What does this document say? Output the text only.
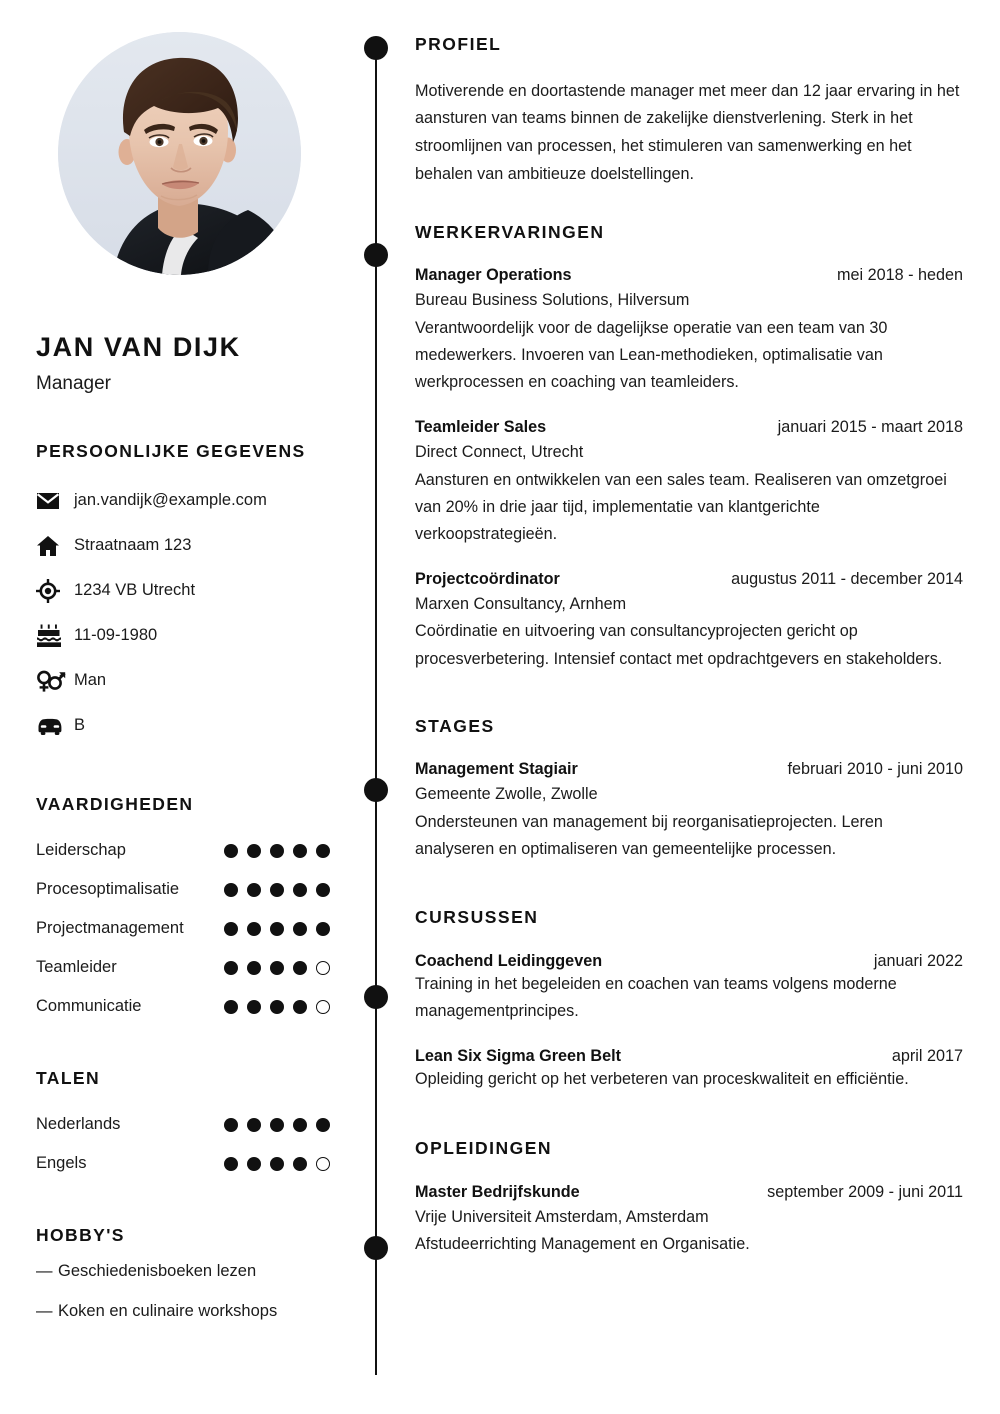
JAN VAN DIJK
Manager
PERSOONLIJKE GEGEVENS
jan.vandijk@example.com
Straatnaam 123
1234 VB Utrecht
11-09-1980
Man
B
VAARDIGHEDEN
Leiderschap
Procesoptimalisatie
Projectmanagement
Teamleider
Communicatie
TALEN
Nederlands
Engels
HOBBY'S
— Geschiedenisboeken lezen
— Koken en culinaire workshops
PROFIEL
Motiverende en doortastende manager met meer dan 12 jaar ervaring in het aansturen van teams binnen de zakelijke dienstverlening. Sterk in het stroomlijnen van processen, het stimuleren van samenwerking en het behalen van ambitieuze doelstellingen.
WERKERVARINGEN
Manager Operations	mei 2018 - heden
Bureau Business Solutions, Hilversum
Verantwoordelijk voor de dagelijkse operatie van een team van 30 medewerkers. Invoeren van Lean-methodieken, optimalisatie van werkprocessen en coaching van teamleiders.
Teamleider Sales	januari 2015 - maart 2018
Direct Connect, Utrecht
Aansturen en ontwikkelen van een sales team. Realiseren van omzetgroei van 20% in drie jaar tijd, implementatie van klantgerichte verkoopstrategieën.
Projectcoördinator	augustus 2011 - december 2014
Marxen Consultancy, Arnhem
Coördinatie en uitvoering van consultancyprojecten gericht op procesverbetering. Intensief contact met opdrachtgevers en stakeholders.
STAGES
Management Stagiair	februari 2010 - juni 2010
Gemeente Zwolle, Zwolle
Ondersteunen van management bij reorganisatieprojecten. Leren analyseren en optimaliseren van gemeentelijke processen.
CURSUSSEN
Coachend Leidinggeven	januari 2022
Training in het begeleiden en coachen van teams volgens moderne managementprincipes.
Lean Six Sigma Green Belt	april 2017
Opleiding gericht op het verbeteren van proceskwaliteit en efficiëntie.
OPLEIDINGEN
Master Bedrijfskunde	september 2009 - juni 2011
Vrije Universiteit Amsterdam, Amsterdam
Afstudeerrichting Management en Organisatie.
